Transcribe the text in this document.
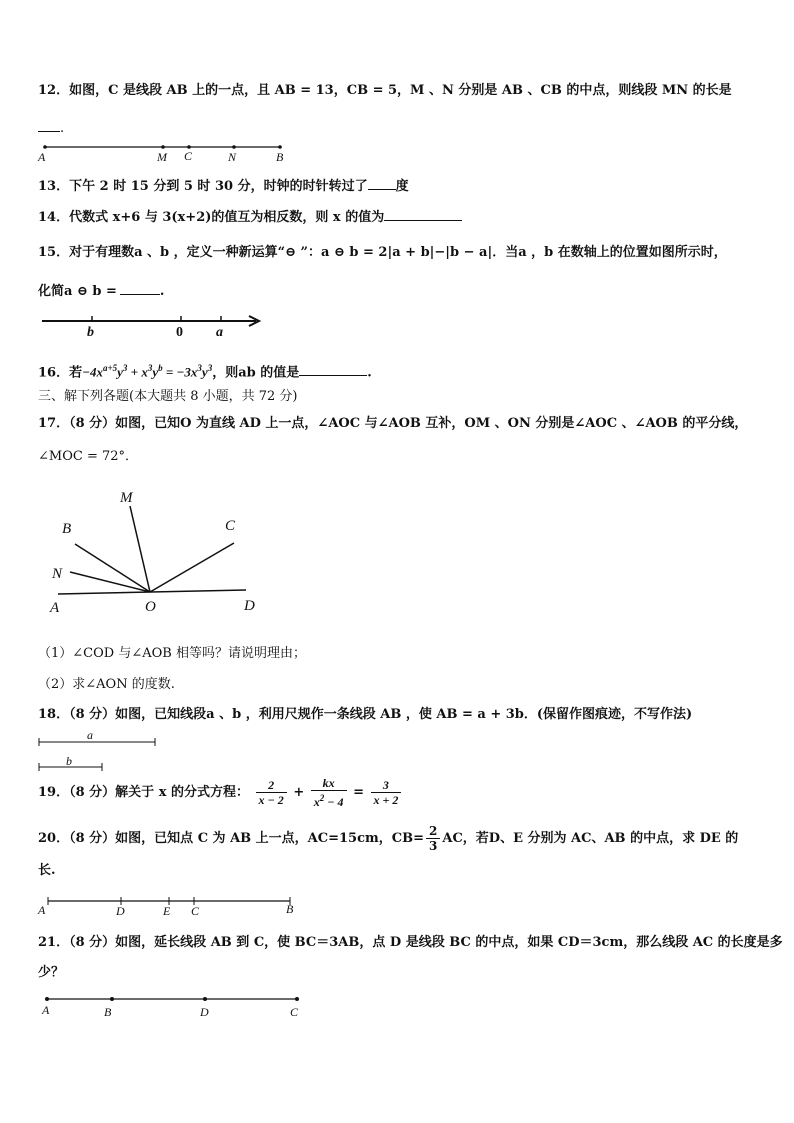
12．如图，C 是线段 AB 上的一点，且 AB = 13，CB = 5，M 、N 分别是 AB 、CB 的中点，则线段 MN 的长是
.
A	M C	N	B
13．下午 2 时 15 分到 5 时 30 分，时钟的时针转过了 度
14．代数式 x+6 与 3(x+2)的值互为相反数，则 x 的值为
15．对于有理数a 、b ，定义一种新运算“⊖ ”：a ⊖ b = 2|a + b|−|b − a|．当a ，b 在数轴上的位置如图所示时，
化简a ⊖ b =	.
b	0 a
16．若$-4x^{a+5}y^3 + x^3y^b = -3x^3y^3$，则ab 的值是	.
三、解下列各题(本大题共 8 小题，共 72 分)
17．（8 分）如图，已知O 为直线 AD 上一点，∠AOC 与∠AOB 互补，OM 、ON 分别是∠AOC 、∠AOB 的平分线，
∠MOC = 72°．
M
B	C
N
A	O	D
（1）∠COD 与∠AOB 相等吗？请说明理由；
（2）求∠AON 的度数.
18．（8 分）如图，已知线段a 、b ，利用尺规作一条线段 AB ，使 AB = a + 3b．(保留作图痕迹，不写作法)
a
b
19．（8 分）解关于 x 的分式方程： $\frac{2}{x - 2} + \frac{kx}{x^2 - 4} = \frac{3}{x + 2}$
20．（8 分）如图，已知点 C 为 AB 上一点，AC=15cm，$CB= \frac{2}{3}$ AC，若D、E 分别为 AC、AB 的中点，求 DE 的
长.
A	D	E C	B
21．（8 分）如图，延长线段 AB 到 C，使 BC＝3AB，点 D 是线段 BC 的中点，如果 CD＝3cm，那么线段 AC 的长度是多
少？
A	B	D	C
